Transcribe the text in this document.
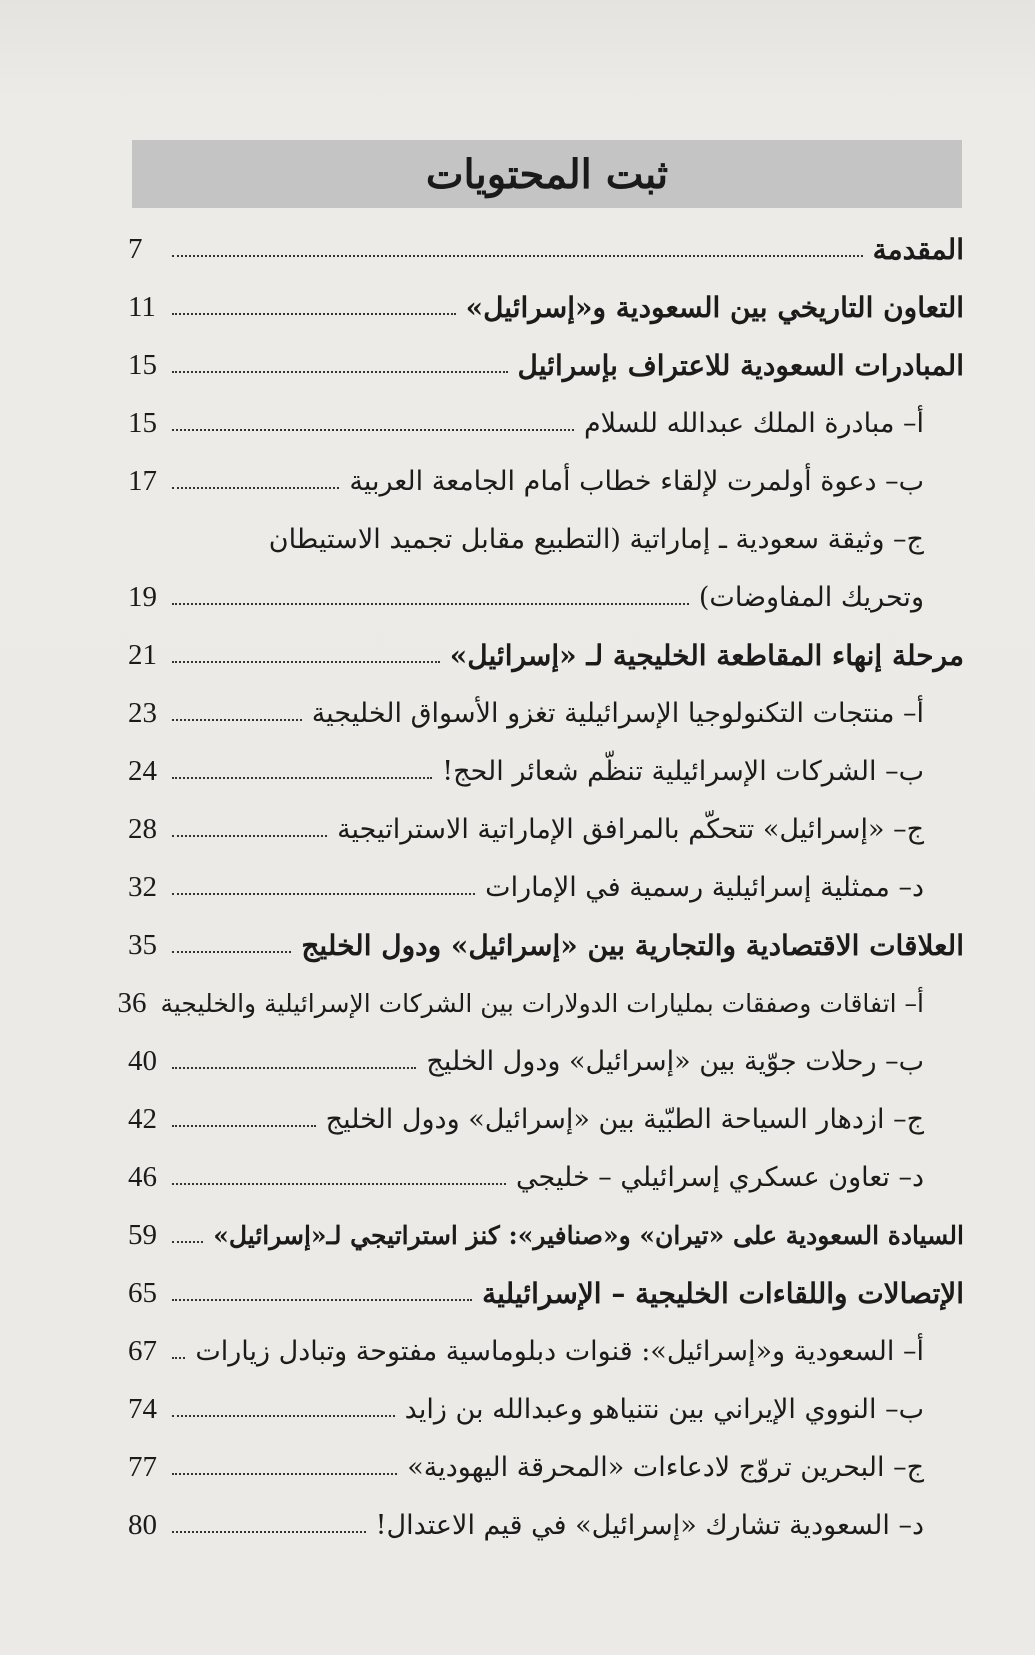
ثبت المحتويات
المقدمة
7
التعاون التاريخي بين السعودية و«إسرائيل»
11
المبادرات السعودية للاعتراف بإسرائيل
15
أ– مبادرة الملك عبدالله للسلام
15
ب– دعوة أولمرت لإلقاء خطاب أمام الجامعة العربية
17
ج– وثيقة سعودية ـ إماراتية (التطبيع مقابل تجميد الاستيطان
وتحريك المفاوضات)
19
مرحلة إنهاء المقاطعة الخليجية لـ «إسرائيل»
21
أ– منتجات التكنولوجيا الإسرائيلية تغزو الأسواق الخليجية
23
ب– الشركات الإسرائيلية تنظّم شعائر الحج!
24
ج– «إسرائيل» تتحكّم بالمرافق الإماراتية الاستراتيجية
28
د– ممثلية إسرائيلية رسمية في الإمارات
32
العلاقات الاقتصادية والتجارية بين «إسرائيل» ودول الخليج
35
أ– اتفاقات وصفقات بمليارات الدولارات بين الشركات الإسرائيلية والخليجية
36
ب– رحلات جوّية بين «إسرائيل» ودول الخليج
40
ج– ازدهار السياحة الطبّية بين «إسرائيل» ودول الخليج
42
د– تعاون عسكري إسرائيلي – خليجي
46
السيادة السعودية على «تيران» و«صنافير»: كنز استراتيجي لـ«إسرائيل»
59
الإتصالات واللقاءات الخليجية – الإسرائيلية
65
أ– السعودية و«إسرائيل»: قنوات دبلوماسية مفتوحة وتبادل زيارات
67
ب– النووي الإيراني بين نتنياهو وعبدالله بن زايد
74
ج– البحرين تروّج لادعاءات «المحرقة اليهودية»
77
د– السعودية تشارك «إسرائيل» في قيم الاعتدال!
80
